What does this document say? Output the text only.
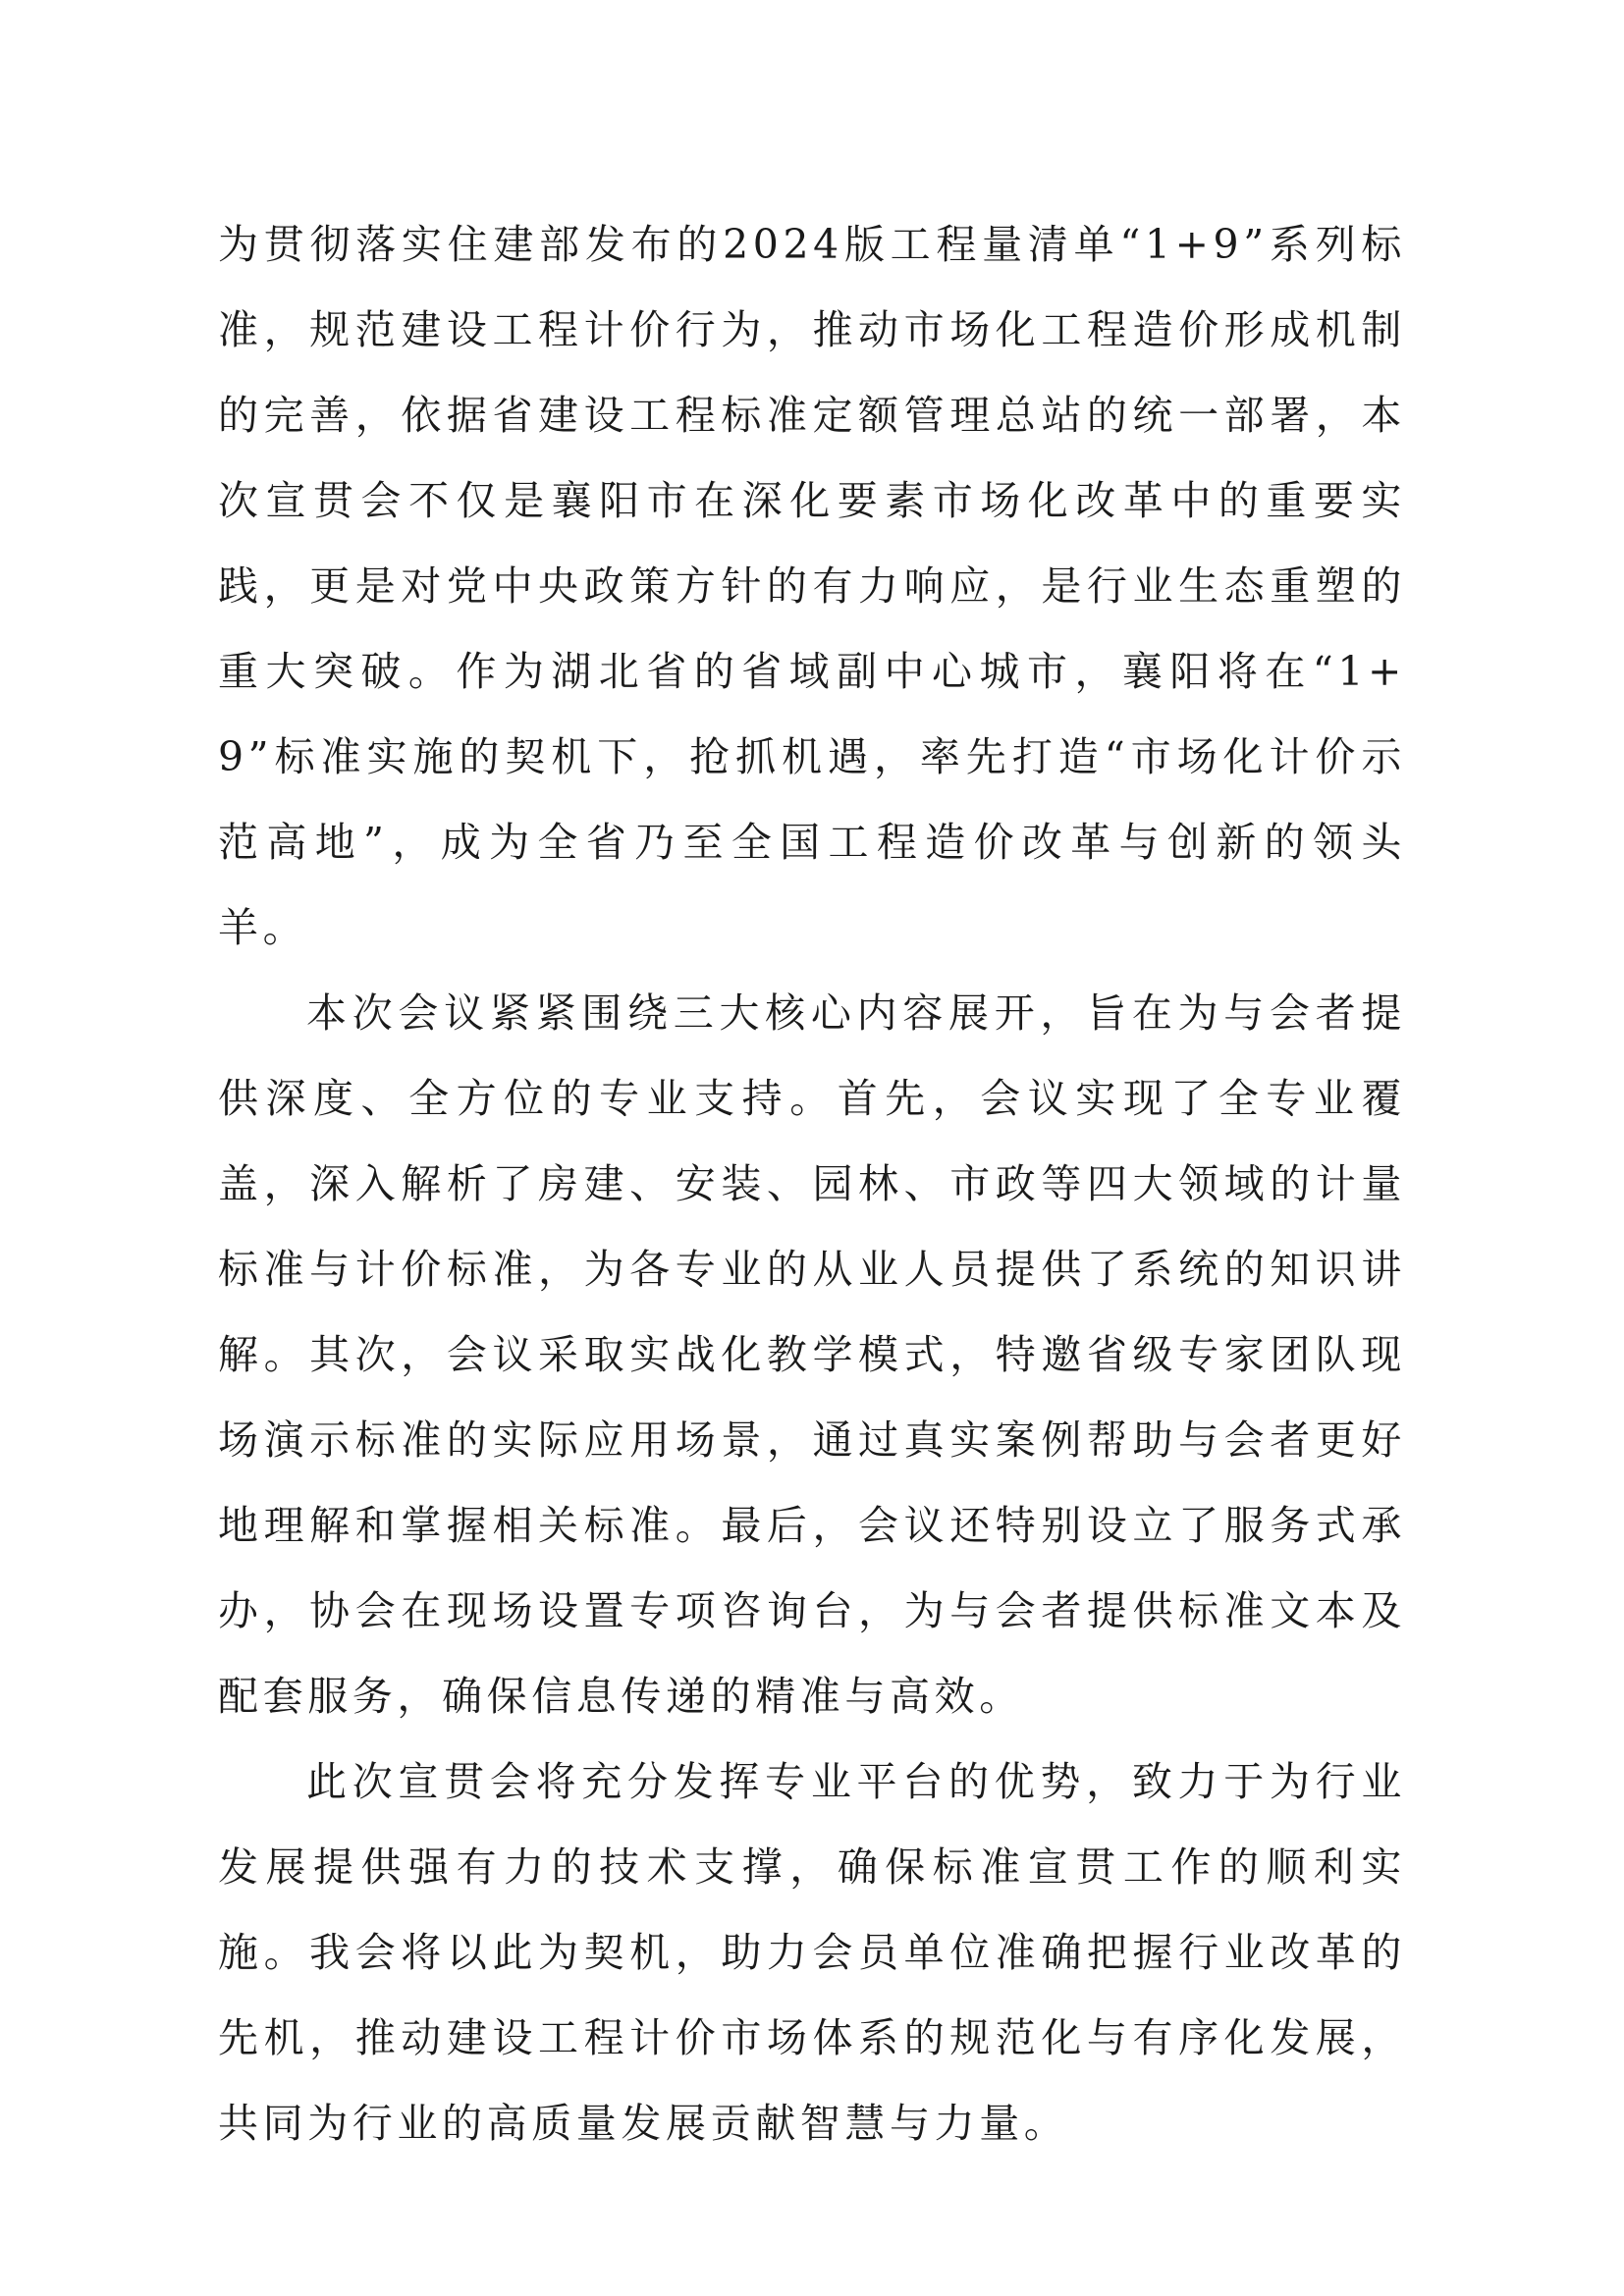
为贯彻落实住建部发布的2024版工程量清单“1+9”系列标准，规范建设工程计价行为，推动市场化工程造价形成机制的完善，依据省建设工程标准定额管理总站的统一部署，本次宣贯会不仅是襄阳市在深化要素市场化改革中的重要实践，更是对党中央政策方针的有力响应，是行业生态重塑的重大突破。作为湖北省的省域副中心城市，襄阳将在“1+9”标准实施的契机下，抢抓机遇，率先打造“市场化计价示范高地”，成为全省乃至全国工程造价改革与创新的领头羊。

本次会议紧紧围绕三大核心内容展开，旨在为与会者提供深度、全方位的专业支持。首先，会议实现了全专业覆盖，深入解析了房建、安装、园林、市政等四大领域的计量标准与计价标准，为各专业的从业人员提供了系统的知识讲解。其次，会议采取实战化教学模式，特邀省级专家团队现场演示标准的实际应用场景，通过真实案例帮助与会者更好地理解和掌握相关标准。最后，会议还特别设立了服务式承办，协会在现场设置专项咨询台，为与会者提供标准文本及配套服务，确保信息传递的精准与高效。

此次宣贯会将充分发挥专业平台的优势，致力于为行业发展提供强有力的技术支撑，确保标准宣贯工作的顺利实施。我会将以此为契机，助力会员单位准确把握行业改革的先机，推动建设工程计价市场体系的规范化与有序化发展，共同为行业的高质量发展贡献智慧与力量。
